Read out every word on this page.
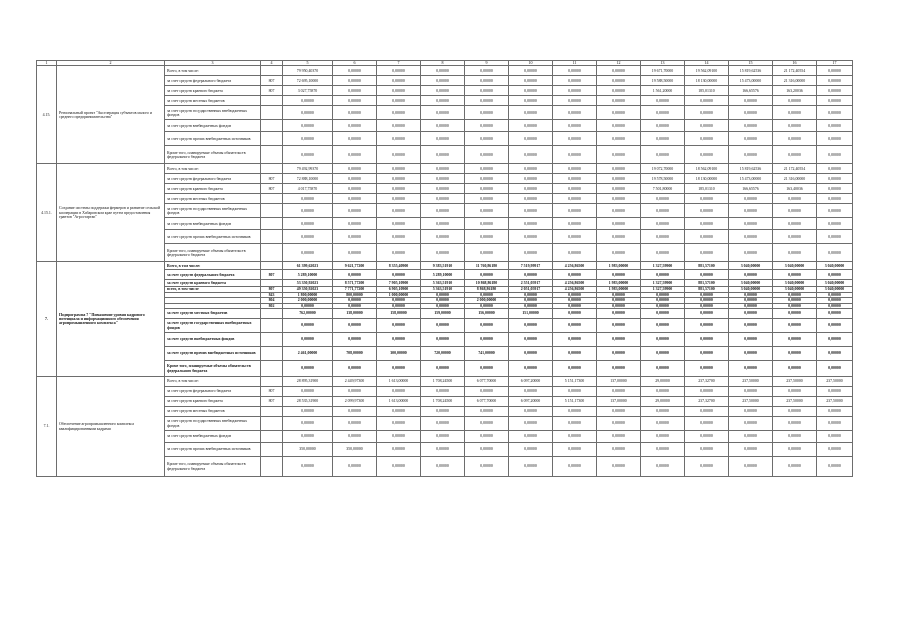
1	2	3	4	5	6	7	8	9	10	11	12	13	14	15	16	17
4.15.	Региональный проект "Акселерация субъектов малого и среднего предпринимательства"	Всего, в том числе:		79 950,40370	0,00000	0,00000	0,00000	0,00000	0,00000	0,00000	0,00000	19 671,70000	19 562,09100	15 819,62536	21 172,40554	0,00000
		за счет средств федерального бюджета	807	72 695,10000	0,00000	0,00000	0,00000	0,00000	0,00000	0,00000	0,00000	19 588,50000	18 130,00000	15 473,00000	21 316,00000	0,00000
		за счет средств краевого бюджета	807	3 027,75870	0,00000	0,00000	0,00000	0,00000	0,00000	0,00000	0,00000	1 561,20000	185,01310	166,65576	163,20036	0,00000
		за счет средств местных бюджетов		0,00000	0,00000	0,00000	0,00000	0,00000	0,00000	0,00000	0,00000	0,00000	0,00000	0,00000	0,00000	0,00000
		за счет средств государственных внебюджетных фондов		0,00000	0,00000	0,00000	0,00000	0,00000	0,00000	0,00000	0,00000	0,00000	0,00000	0,00000	0,00000	0,00000
		за счет средств внебюджетных фондов		0,00000	0,00000	0,00000	0,00000	0,00000	0,00000	0,00000	0,00000	0,00000	0,00000	0,00000	0,00000	0,00000
		за счет средств прочих внебюджетных источников		0,00000	0,00000	0,00000	0,00000	0,00000	0,00000	0,00000	0,00000	0,00000	0,00000	0,00000	0,00000	0,00000
		Кроме того, планируемые объемы обязательств федерального бюджета		0,00000	0,00000	0,00000	0,00000	0,00000	0,00000	0,00000	0,00000	0,00000	0,00000	0,00000	0,00000	0,00000
4.15.1.	Создание системы поддержки фермеров и развитие сельской кооперации в Хабаровском крае путем предоставления грантов "Агростартап"	Всего, в том числе:		79 492,99370	0,00000	0,00000	0,00000	0,00000	0,00000	0,00000	0,00000	19 072,70000	18 562,09100	15 819,62536	21 172,40554	0,00000
		за счет средств федерального бюджета	807	72 888,10000	0,00000	0,00000	0,00000	0,00000	0,00000	0,00000	0,00000	19 578,50000	18 130,00000	15 473,00000	21 316,00000	0,00000
		за счет средств краевого бюджета	807	4 017,75870	0,00000	0,00000	0,00000	0,00000	0,00000	0,00000	0,00000	7 501,80000	185,01310	166,65576	163,40036	0,00000
		за счет средств местных бюджетов		0,00000	0,00000	0,00000	0,00000	0,00000	0,00000	0,00000	0,00000	0,00000	0,00000	0,00000	0,00000	0,00000
		за счет средств государственных внебюджетных фондов		0,00000	0,00000	0,00000	0,00000	0,00000	0,00000	0,00000	0,00000	0,00000	0,00000	0,00000	0,00000	0,00000
		за счет средств внебюджетных фондов		0,00000	0,00000	0,00000	0,00000	0,00000	0,00000	0,00000	0,00000	0,00000	0,00000	0,00000	0,00000	0,00000
		за счет средств прочих внебюджетных источников		0,00000	0,00000	0,00000	0,00000	0,00000	0,00000	0,00000	0,00000	0,00000	0,00000	0,00000	0,00000	0,00000
		Кроме того, планируемые объемы обязательств федерального бюджета		0,00000	0,00000	0,00000	0,00000	0,00000	0,00000	0,00000	0,00000	0,00000	0,00000	0,00000	0,00000	0,00000
7.	Подпрограмма 7 "Повышение уровня кадрового потенциала и информационного обеспечения агропромышленного комплекса"	Всего, в том числе:		61 399,62023	9 621,77200	8 355,40900	9 383,51910	11 760,86180	7 519,99917	4 256,86500	1 983,00000	1 327,59900	881,57100	3 040,00000	3 040,00000	3 040,00000
		за счет средств федерального бюджета	807	5 289,10000	0,00000	0,00000	5 289,10000	0,00000	0,00000	0,00000	0,00000	0,00000	0,00000	0,00000	0,00000	0,00000
		за счет средств краевого бюджета		53 350,92023	8 571,77200	7 905,10900	5 363,51910	10 868,86180	2 551,05917	4 256,86500	1 983,00000	1 327,59900	881,57100	3 040,00000	3 040,00000	3 040,00000
		всего, в том числе	807	49 350,92023	7 771,77200	6 905,10900	5 363,51910	8 868,86180	2 051,05917	4 256,86500	1 983,00000	1 327,59900	881,57100	3 040,00000	3 040,00000	3 040,00000
			843	1 800,00000	800,00000	1 000,00000	0,00000	0,00000	0,00000	0,00000	0,00000	0,00000	0,00000	0,00000	0,00000	0,00000
			804	2 000,00000	0,00000	0,00000	0,00000	2 000,00000	0,00000	0,00000	0,00000	0,00000	0,00000	0,00000	0,00000	0,00000
			802	0,00000	0,00000	0,00000	0,00000	0,00000	0,00000	0,00000	0,00000	0,00000	0,00000	0,00000	0,00000	0,00000
		за счет средств местных бюджетов		762,00000	138,00000	158,00000	159,00000	156,00000	151,00000	0,00000	0,00000	0,00000	0,00000	0,00000	0,00000	0,00000
		за счет средств государственных внебюджетных фондов		0,00000	0,00000	0,00000	0,00000	0,00000	0,00000	0,00000	0,00000	0,00000	0,00000	0,00000	0,00000	0,00000
		за счет средств внебюджетных фондов		0,00000	0,00000	0,00000	0,00000	0,00000	0,00000	0,00000	0,00000	0,00000	0,00000	0,00000	0,00000	0,00000
		за счет средств прочих внебюджетных источников		2 461,00000	708,00000	300,00000	720,00000	741,00000	0,00000	0,00000	0,00000	0,00000	0,00000	0,00000	0,00000	0,00000
		Кроме того, планируемые объемы обязательств федерального бюджета		0,00000	0,00000	0,00000	0,00000	0,00000	0,00000	0,00000	0,00000	0,00000	0,00000	0,00000	0,00000	0,00000
7.1.	Обеспечение агропромышленного комплекса квалифицированными кадрами	Всего, в том числе:		28 895,31900	2 449,97300	1 613,00000	1 708,24500	6 077,70000	6 097,20000	5 151,17300	137,00000	29,00000	237,32700	237,50000	237,50000	237,50000
		за счет средств федерального бюджета	807	0,00000	0,00000	0,00000	0,00000	0,00000	0,00000	0,00000	0,00000	0,00000	0,00000	0,00000	0,00000	0,00000
		за счет средств краевого бюджета	807	28 535,31900	2 099,97300	1 613,00000	1 708,24500	6 077,70000	6 097,20000	5 151,17300	137,00000	29,00000	237,32700	237,50000	237,50000	237,50000
		за счет средств местных бюджетов		0,00000	0,00000	0,00000	0,00000	0,00000	0,00000	0,00000	0,00000	0,00000	0,00000	0,00000	0,00000	0,00000
		за счет средств государственных внебюджетных фондов		0,00000	0,00000	0,00000	0,00000	0,00000	0,00000	0,00000	0,00000	0,00000	0,00000	0,00000	0,00000	0,00000
		за счет средств внебюджетных фондов		0,00000	0,00000	0,00000	0,00000	0,00000	0,00000	0,00000	0,00000	0,00000	0,00000	0,00000	0,00000	0,00000
		за счет средств прочих внебюджетных источников		350,00000	350,00000	0,00000	0,00000	0,00000	0,00000	0,00000	0,00000	0,00000	0,00000	0,00000	0,00000	0,00000
		Кроме того, планируемые объемы обязательств федерального бюджета		0,00000	0,00000	0,00000	0,00000	0,00000	0,00000	0,00000	0,00000	0,00000	0,00000	0,00000	0,00000	0,00000
